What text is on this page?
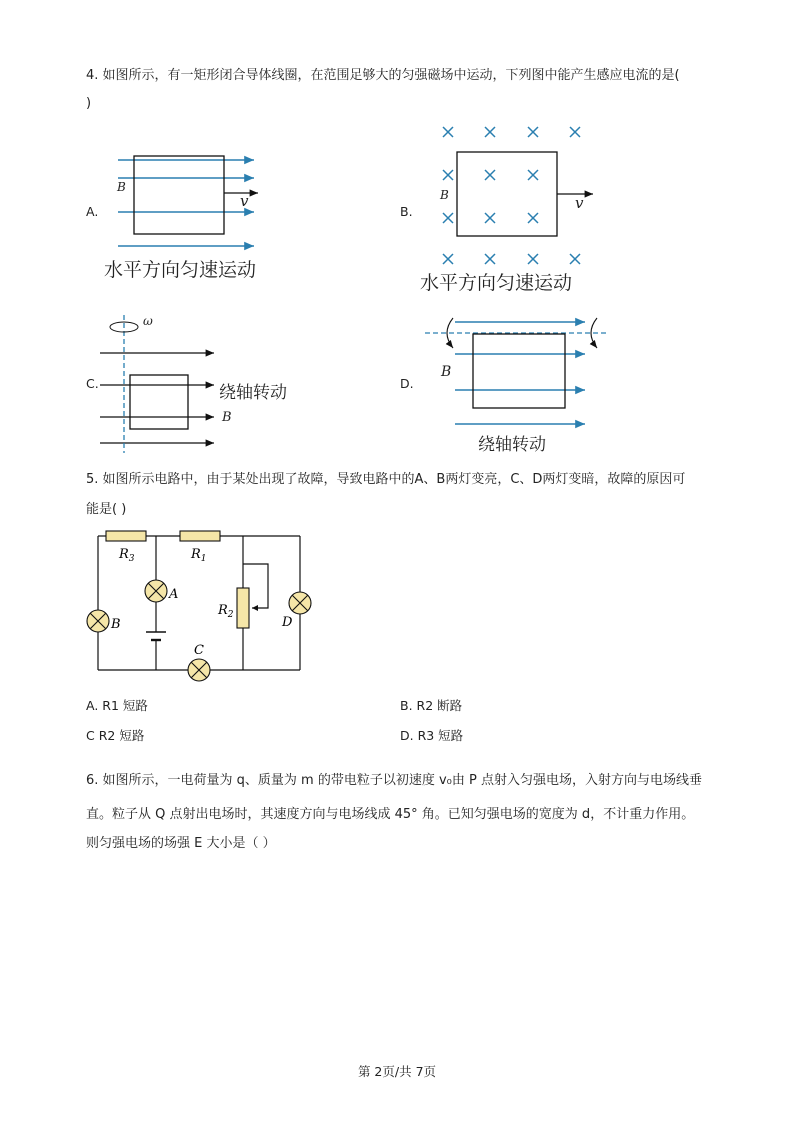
4. 如图所示，有一矩形闭合导体线圈，在范围足够大的匀强磁场中运动，下列图中能产生感应电流的是(
)
A.
B
v
水平方向匀速运动
B.
B	v
水平方向匀速运动
C.
ω
绕轴转动
B
D.
B
绕轴转动
5. 如图所示电路中，由于某处出现了故障，导致电路中的A、B两灯变亮，C、D两灯变暗，故障的原因可
能是( )
$R_3$	$R_1$
$R_2$
A
B
C
D
A. R1 短路	B. R2 断路
C R2 短路	D. R3 短路
6. 如图所示，一电荷量为 q、质量为 m 的带电粒子以初速度 v₀由 P 点射入匀强电场，入射方向与电场线垂
直。粒子从 Q 点射出电场时，其速度方向与电场线成 45° 角。已知匀强电场的宽度为 d，不计重力作用。
则匀强电场的场强 E 大小是（ ）
第 2页/共 7页
